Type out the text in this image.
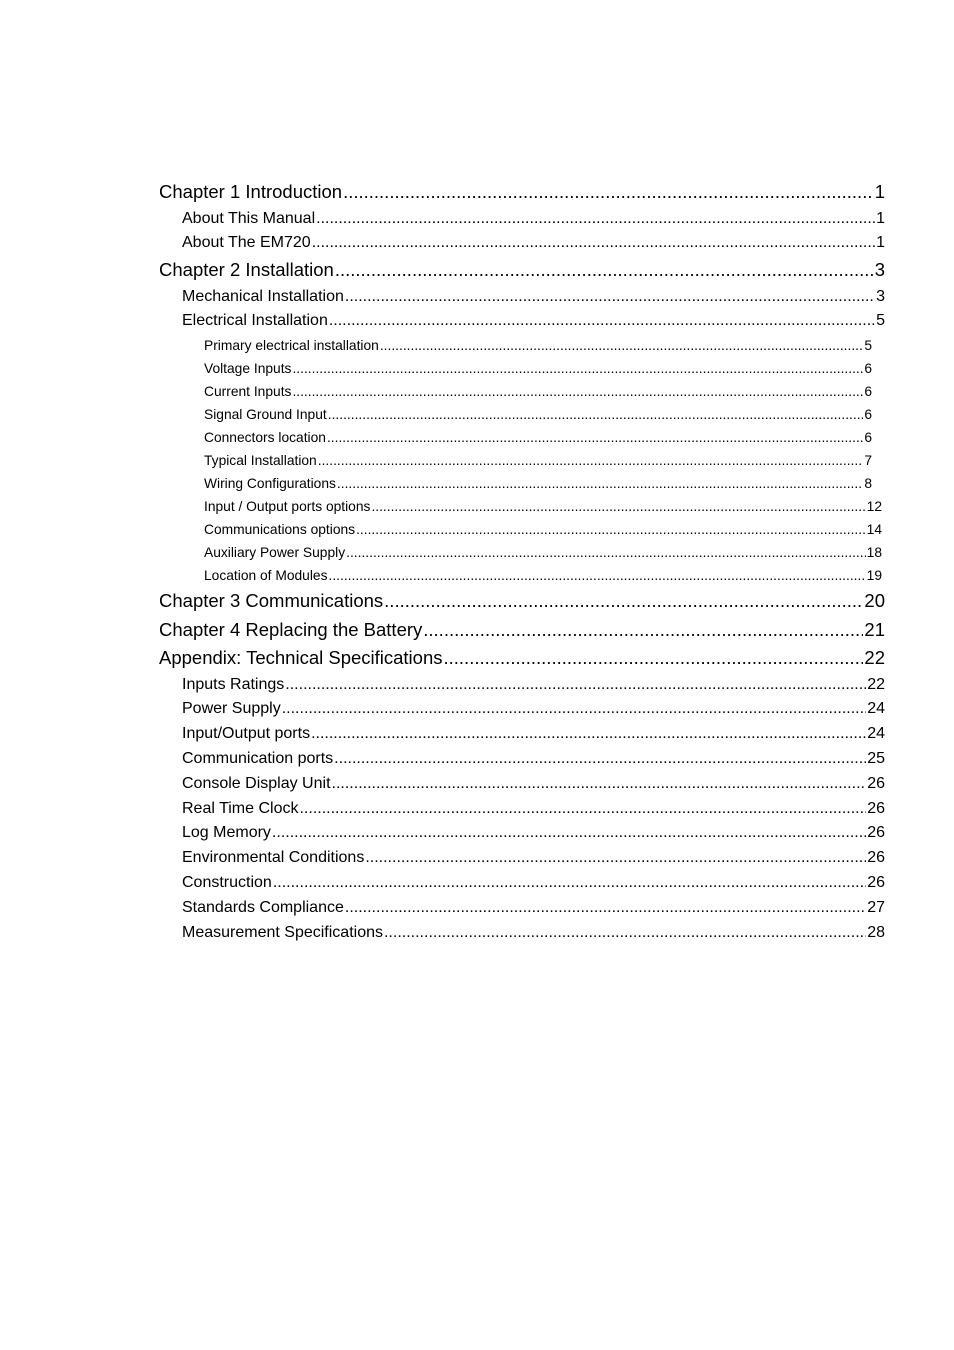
Chapter 1 Introduction .....	1
About This Manual .....	1
About The EM720 .....	1
Chapter 2 Installation .....	3
Mechanical Installation .....	3
Electrical Installation .....	5
Primary electrical installation .....	5
Voltage Inputs .....	6
Current Inputs .....	6
Signal Ground Input .....	6
Connectors location .....	6
Typical Installation .....	7
Wiring Configurations .....	8
Input / Output ports options .....	12
Communications options .....	14
Auxiliary Power Supply .....	18
Location of Modules .....	19
Chapter 3 Communications .....	20
Chapter 4 Replacing the Battery .....	21
Appendix: Technical Specifications .....	22
Inputs Ratings .....	22
Power Supply .....	24
Input/Output ports .....	24
Communication ports .....	25
Console Display Unit .....	26
Real Time Clock .....	26
Log Memory .....	26
Environmental Conditions .....	26
Construction .....	26
Standards Compliance .....	27
Measurement Specifications .....	28
